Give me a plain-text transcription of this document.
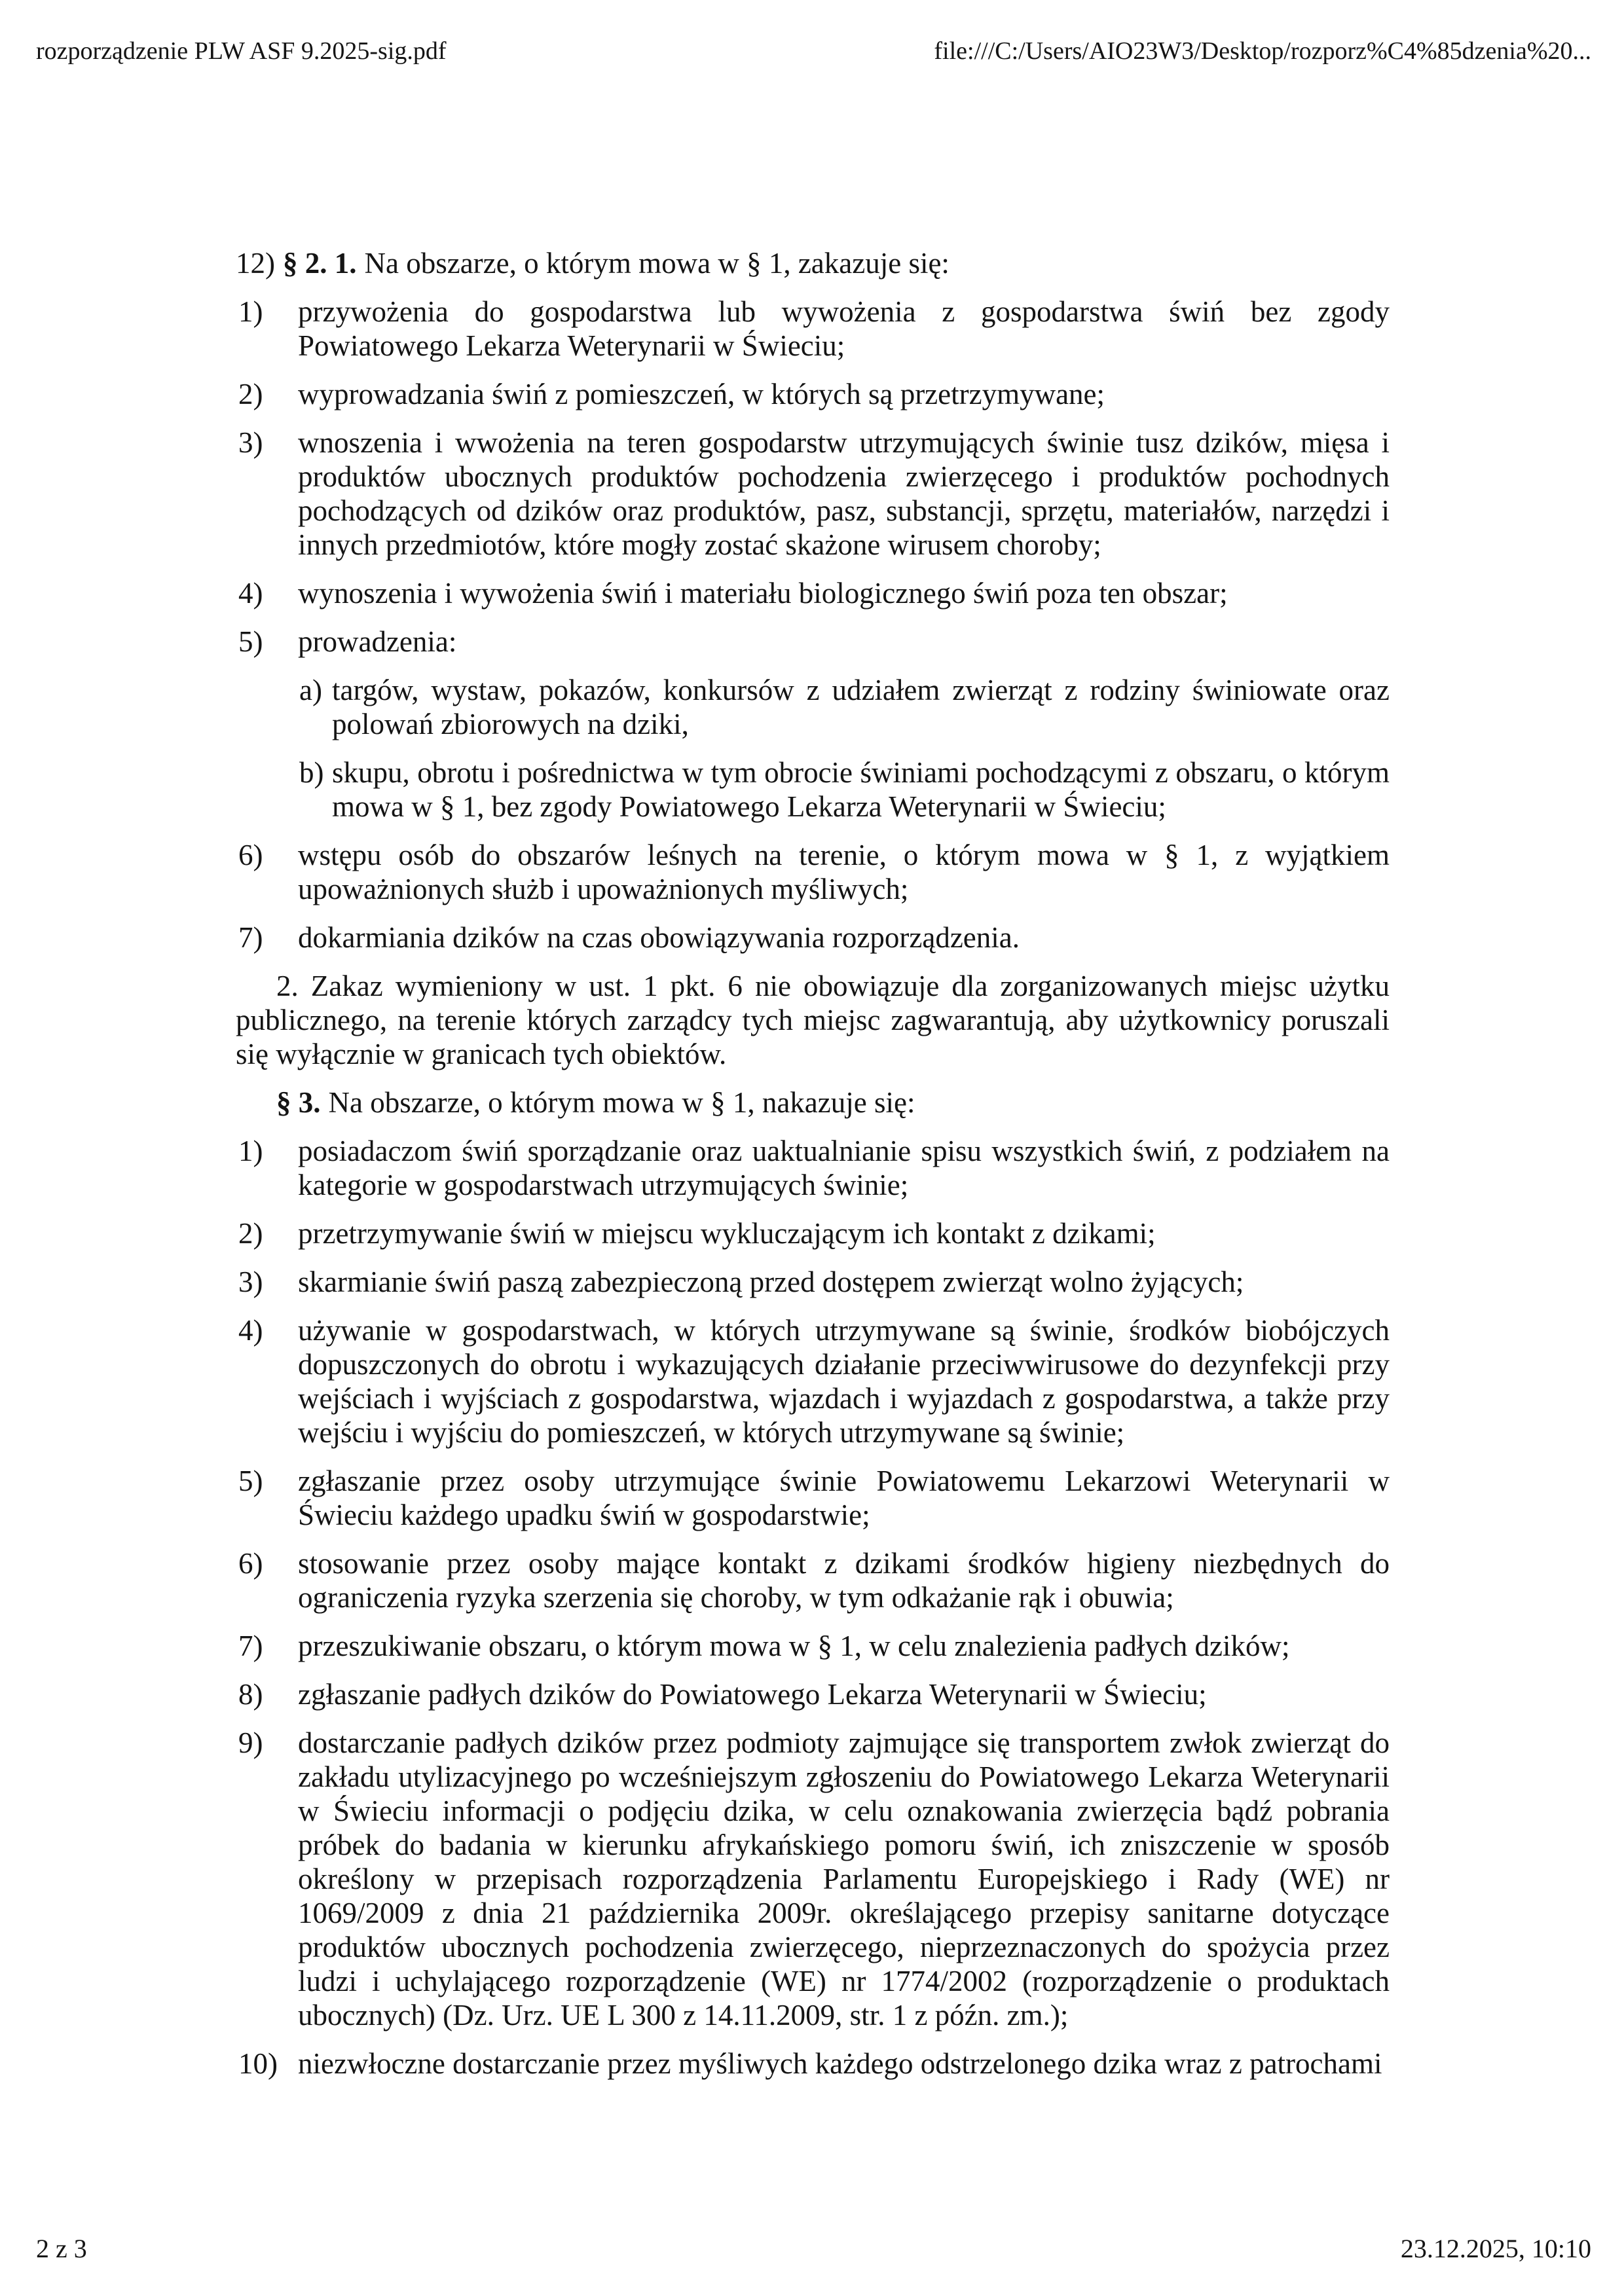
rozporządzenie PLW ASF 9.2025-sig.pdf	file:///C:/Users/AIO23W3/Desktop/rozporz%C4%85dzenia%20...

12) § 2. 1. Na obszarze, o którym mowa w § 1, zakazuje się:

1) przywożenia do gospodarstwa lub wywożenia z gospodarstwa świń bez zgody Powiatowego Lekarza Weterynarii w Świeciu;
2) wyprowadzania świń z pomieszczeń, w których są przetrzymywane;
3) wnoszenia i wwożenia na teren gospodarstw utrzymujących świnie tusz dzików, mięsa i produktów ubocznych produktów pochodzenia zwierzęcego i produktów pochodnych pochodzących od dzików oraz produktów, pasz, substancji, sprzętu, materiałów, narzędzi i innych przedmiotów, które mogły zostać skażone wirusem choroby;
4) wynoszenia i wywożenia świń i materiału biologicznego świń poza ten obszar;
5) prowadzenia:
a) targów, wystaw, pokazów, konkursów z udziałem zwierząt z rodziny świniowate oraz polowań zbiorowych na dziki,
b) skupu, obrotu i pośrednictwa w tym obrocie świniami pochodzącymi z obszaru, o którym mowa w § 1, bez zgody Powiatowego Lekarza Weterynarii w Świeciu;
6) wstępu osób do obszarów leśnych na terenie, o którym mowa w § 1, z wyjątkiem upoważnionych służb i upoważnionych myśliwych;
7) dokarmiania dzików na czas obowiązywania rozporządzenia.

2. Zakaz wymieniony w ust. 1 pkt. 6 nie obowiązuje dla zorganizowanych miejsc użytku publicznego, na terenie których zarządcy tych miejsc zagwarantują, aby użytkownicy poruszali się wyłącznie w granicach tych obiektów.

§ 3. Na obszarze, o którym mowa w § 1, nakazuje się:

1) posiadaczom świń sporządzanie oraz uaktualnianie spisu wszystkich świń, z podziałem na kategorie w gospodarstwach utrzymujących świnie;
2) przetrzymywanie świń w miejscu wykluczającym ich kontakt z dzikami;
3) skarmianie świń paszą zabezpieczoną przed dostępem zwierząt wolno żyjących;
4) używanie w gospodarstwach, w których utrzymywane są świnie, środków biobójczych dopuszczonych do obrotu i wykazujących działanie przeciwwirusowe do dezynfekcji przy wejściach i wyjściach z gospodarstwa, wjazdach i wyjazdach z gospodarstwa, a także przy wejściu i wyjściu do pomieszczeń, w których utrzymywane są świnie;
5) zgłaszanie przez osoby utrzymujące świnie Powiatowemu Lekarzowi Weterynarii w Świeciu każdego upadku świń w gospodarstwie;
6) stosowanie przez osoby mające kontakt z dzikami środków higieny niezbędnych do ograniczenia ryzyka szerzenia się choroby, w tym odkażanie rąk i obuwia;
7) przeszukiwanie obszaru, o którym mowa w § 1, w celu znalezienia padłych dzików;
8) zgłaszanie padłych dzików do Powiatowego Lekarza Weterynarii w Świeciu;
9) dostarczanie padłych dzików przez podmioty zajmujące się transportem zwłok zwierząt do zakładu utylizacyjnego po wcześniejszym zgłoszeniu do Powiatowego Lekarza Weterynarii w Świeciu informacji o podjęciu dzika, w celu oznakowania zwierzęcia bądź pobrania próbek do badania w kierunku afrykańskiego pomoru świń, ich zniszczenie w sposób określony w przepisach rozporządzenia Parlamentu Europejskiego i Rady (WE) nr 1069/2009 z dnia 21 października 2009r. określającego przepisy sanitarne dotyczące produktów ubocznych pochodzenia zwierzęcego, nieprzeznaczonych do spożycia przez ludzi i uchylającego rozporządzenie (WE) nr 1774/2002 (rozporządzenie o produktach ubocznych) (Dz. Urz. UE L 300 z 14.11.2009, str. 1 z późn. zm.);
10) niezwłoczne dostarczanie przez myśliwych każdego odstrzelonego dzika wraz z patrochami
2 z 3	23.12.2025, 10:10
